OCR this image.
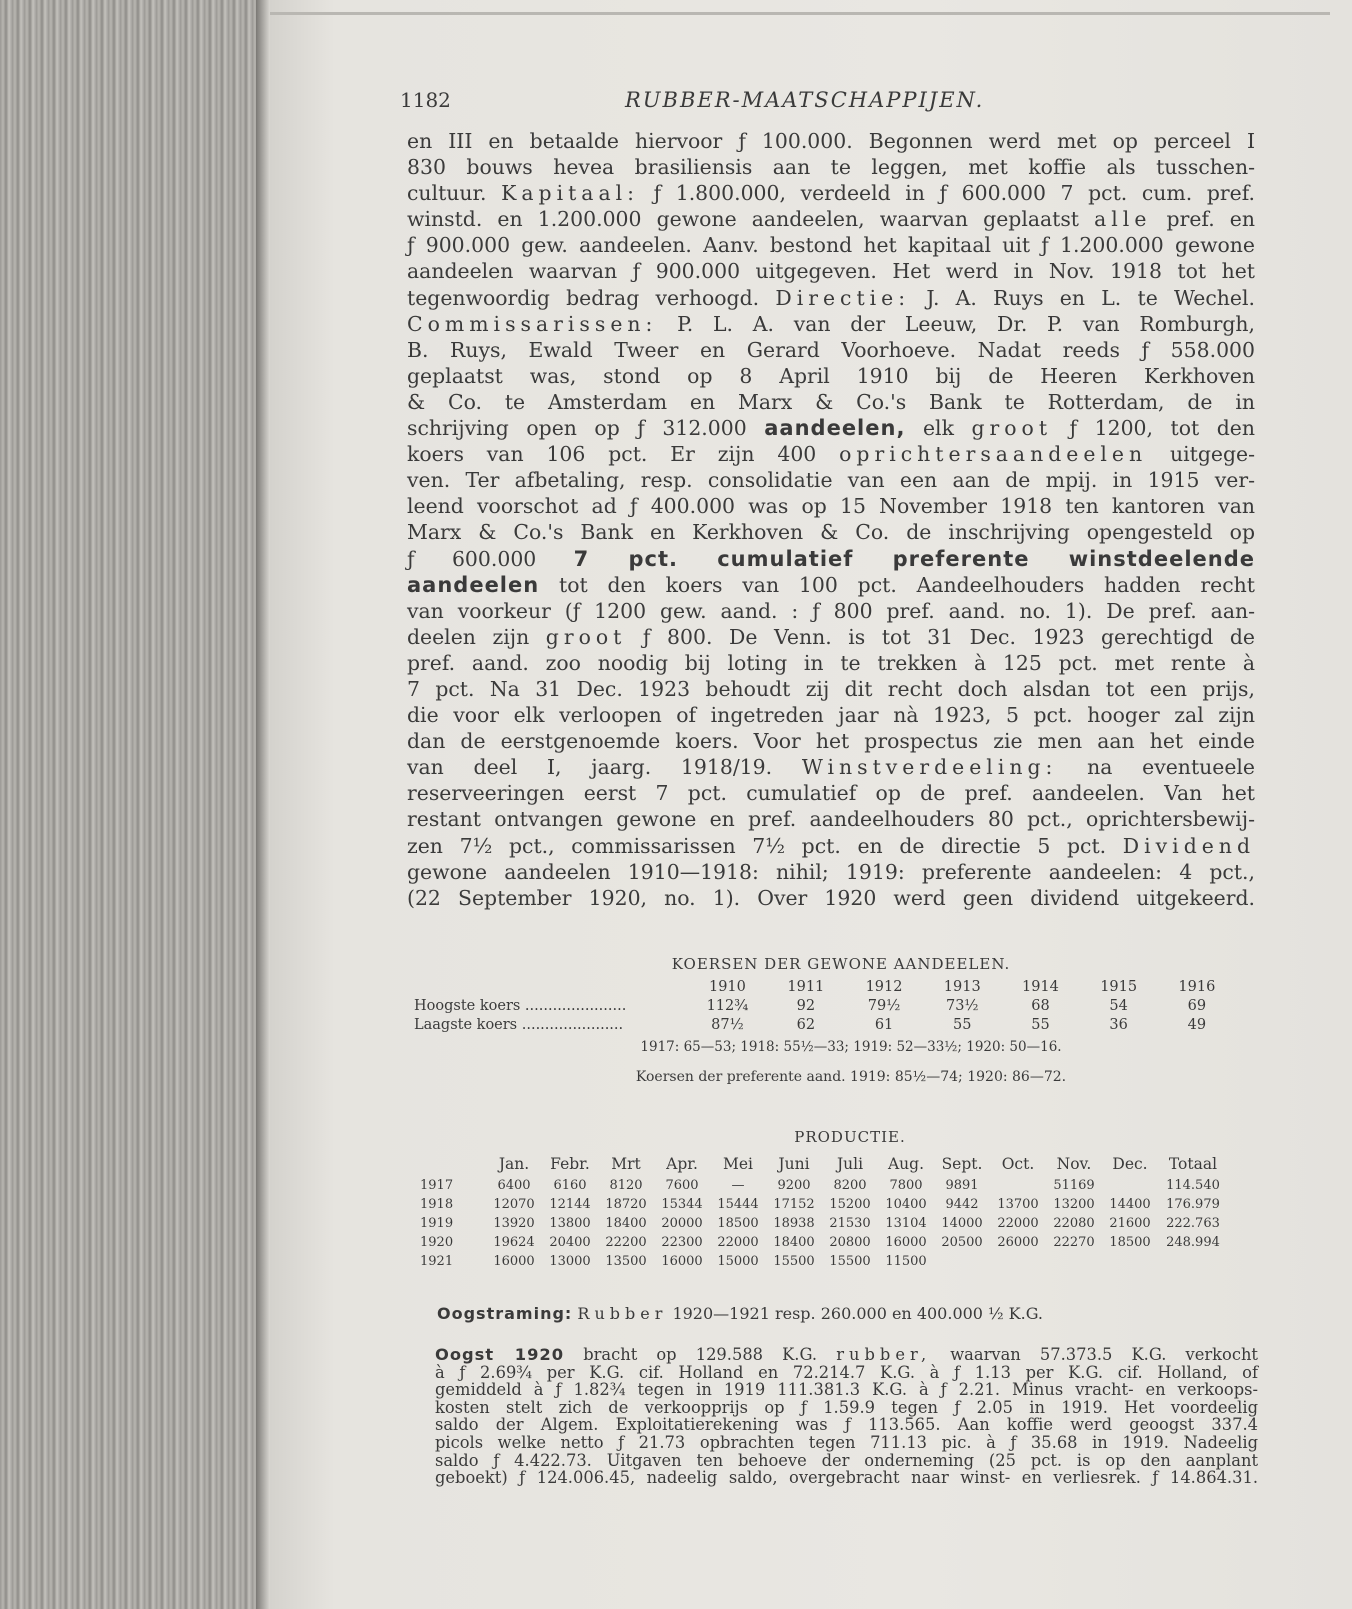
1182	RUBBER-MAATSCHAPPIJEN.

en III en betaalde hiervoor ƒ 100.000. Begonnen werd met op perceel I

830 bouws hevea brasiliensis aan te leggen, met koffie als tusschen-

cultuur. Kapitaal: ƒ 1.800.000, verdeeld in ƒ 600.000 7 pct. cum. pref.

winstd. en 1.200.000 gewone aandeelen, waarvan geplaatst alle pref. en

ƒ 900.000 gew. aandeelen. Aanv. bestond het kapitaal uit ƒ 1.200.000 gewone

aandeelen waarvan ƒ 900.000 uitgegeven. Het werd in Nov. 1918 tot het

tegenwoordig bedrag verhoogd. Directie: J. A. Ruys en L. te Wechel.

Commissarissen: P. L. A. van der Leeuw, Dr. P. van Romburgh,

B. Ruys, Ewald Tweer en Gerard Voorhoeve. Nadat reeds ƒ 558.000

geplaatst was, stond op 8 April 1910 bij de Heeren Kerkhoven

& Co. te Amsterdam en Marx & Co.'s Bank te Rotterdam, de in

schrijving open op ƒ 312.000 aandeelen, elk groot ƒ 1200, tot den

koers van 106 pct. Er zijn 400 oprichtersaandeelen uitgege-

ven. Ter afbetaling, resp. consolidatie van een aan de mpij. in 1915 ver-

leend voorschot ad ƒ 400.000 was op 15 November 1918 ten kantoren van

Marx & Co.'s Bank en Kerkhoven & Co. de inschrijving opengesteld op

ƒ 600.000 7 pct. cumulatief preferente winstdeelende

aandeelen tot den koers van 100 pct. Aandeelhouders hadden recht

van voorkeur (ƒ 1200 gew. aand. : ƒ 800 pref. aand. no. 1). De pref. aan-

deelen zijn groot ƒ 800. De Venn. is tot 31 Dec. 1923 gerechtigd de

pref. aand. zoo noodig bij loting in te trekken à 125 pct. met rente à

7 pct. Na 31 Dec. 1923 behoudt zij dit recht doch alsdan tot een prijs,

die voor elk verloopen of ingetreden jaar nà 1923, 5 pct. hooger zal zijn

dan de eerstgenoemde koers. Voor het prospectus zie men aan het einde

van deel I, jaarg. 1918/19. Winstverdeeling: na eventueele

reserveeringen eerst 7 pct. cumulatief op de pref. aandeelen. Van het

restant ontvangen gewone en pref. aandeelhouders 80 pct., oprichtersbewij-

zen 7½ pct., commissarissen 7½ pct. en de directie 5 pct. Dividend

gewone aandeelen 1910—1918: nihil; 1919: preferente aandeelen: 4 pct.,

(22 September 1920, no. 1). Over 1920 werd geen dividend uitgekeerd.

KOERSEN DER GEWONE AANDEELEN.
	1910	1911	1912	1913	1914	1915	1916
Hoogste koers ......................	112¾	92	79½	73½	68	54	69
Laagste koers ......................	87½	62	61	55	55	36	49
1917: 65—53; 1918: 55½—33; 1919: 52—33½; 1920: 50—16.
Koersen der preferente aand. 1919: 85½—74; 1920: 86—72.
PRODUCTIE.
	Jan.	Febr.	Mrt	Apr.	Mei	Juni	Juli	Aug.	Sept.	Oct.	Nov.	Dec.	Totaal
1917	6400	6160	8120	7600	—	9200	8200	7800	9891		51169		114.540
1918	12070	12144	18720	15344	15444	17152	15200	10400	9442	13700	13200	14400	176.979
1919	13920	13800	18400	20000	18500	18938	21530	13104	14000	22000	22080	21600	222.763
1920	19624	20400	22200	22300	22000	18400	20800	16000	20500	26000	22270	18500	248.994
1921	16000	13000	13500	16000	15000	15500	15500	11500					
Oogstraming: Rubber 1920—1921 resp. 260.000 en 400.000 ½ K.G.

Oogst 1920 bracht op 129.588 K.G. rubber, waarvan 57.373.5 K.G. verkocht

à ƒ 2.69¾ per K.G. cif. Holland en 72.214.7 K.G. à ƒ 1.13 per K.G. cif. Holland, of

gemiddeld à ƒ 1.82¾ tegen in 1919 111.381.3 K.G. à ƒ 2.21. Minus vracht- en verkoops-

kosten stelt zich de verkoopprijs op ƒ 1.59.9 tegen ƒ 2.05 in 1919. Het voordeelig

saldo der Algem. Exploitatierekening was ƒ 113.565. Aan koffie werd geoogst 337.4

picols welke netto ƒ 21.73 opbrachten tegen 711.13 pic. à ƒ 35.68 in 1919. Nadeelig

saldo ƒ 4.422.73. Uitgaven ten behoeve der onderneming (25 pct. is op den aanplant

geboekt) ƒ 124.006.45, nadeelig saldo, overgebracht naar winst- en verliesrek. ƒ 14.864.31.
